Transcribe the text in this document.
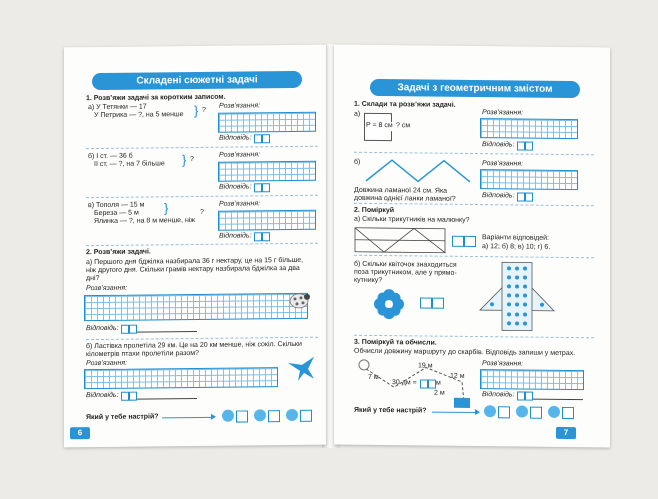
Складені сюжетні задачі
1. Розв’яжи задачі за коротким записом.
а) У Тетянки — 17
У Петрика — ?, на 5 менше } ?
Розв’язання:
Відповідь:
б) І ст. — 36 б
ІІ ст. — ?, на 7 більше } ?
Розв’язання:
Відповідь:
в) Тополя — 15 м
Береза — 5 м
Ялинка — ?, на 8 м менше, ніж
}	?
Розв’язання:
Відповідь:
2. Розв’яжи задачі.
а) Першого дня бджілка назбирала 36 г нектару, це на 15 г більше,
ніж другого дня. Скільки грамів нектару назбирала бджілка за два
дні?
Розв’язання:
Відповідь:
б) Ластівка пролетіла 29 км. Це на 20 км менше, ніж сокіл. Скільки
кілометрів птахи пролетіли разом?
Розв’язання:
Відповідь:
Який у тебе настрій?
6
Задачі з геометричним змістом
1. Склади та розв’яжи задачі.
а)
P = 8 см ? см
Розв’язання:
Відповідь:
б)
Довжина ламаної 24 см. Яка
довжина однієї ланки ламаної?
Розв’язання:
Відповідь:
2. Поміркуй
а) Скільки трикутників на малюнку?
Варіанти відповідей:
а) 12; б) 8; в) 10; г) 6.
б) Скільки квіточок знаходиться
поза трикутником, але у прямо-
кутнику?
3. Поміркуй та обчисли.
Обчисли довжину маршруту до скарбів. Відповідь запиши у метрах.
7 м
19 м
30 дм =	м
12 м
2 м
Розв’язання:
Відповідь:
Який у тебе настрій?
7
